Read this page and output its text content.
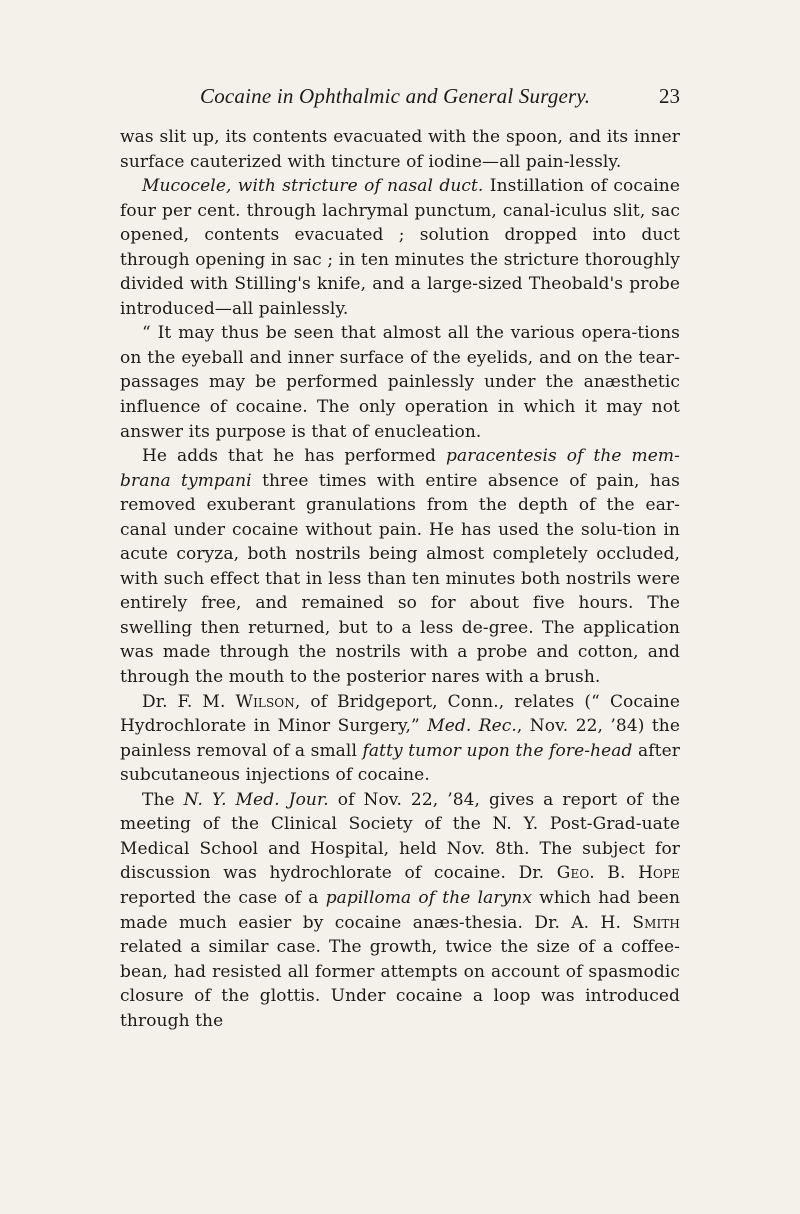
Cocaine in Ophthalmic and General Surgery.	23

was slit up, its contents evacuated with the spoon, and its inner surface cauterized with tincture of iodine—all pain-lessly.

Mucocele, with stricture of nasal duct. Instillation of cocaine four per cent. through lachrymal punctum, canal-iculus slit, sac opened, contents evacuated ; solution dropped into duct through opening in sac ; in ten minutes the stricture thoroughly divided with Stilling's knife, and a large-sized Theobald's probe introduced—all painlessly.

“ It may thus be seen that almost all the various opera-tions on the eyeball and inner surface of the eyelids, and on the tear-passages may be performed painlessly under the anæsthetic influence of cocaine. The only operation in which it may not answer its purpose is that of enucleation.

He adds that he has performed paracentesis of the mem-brana tympani three times with entire absence of pain, has removed exuberant granulations from the depth of the ear-canal under cocaine without pain. He has used the solu-tion in acute coryza, both nostrils being almost completely occluded, with such effect that in less than ten minutes both nostrils were entirely free, and remained so for about five hours. The swelling then returned, but to a less de-gree. The application was made through the nostrils with a probe and cotton, and through the mouth to the posterior nares with a brush.

Dr. F. M. Wilson, of Bridgeport, Conn., relates (“ Cocaine Hydrochlorate in Minor Surgery,” Med. Rec., Nov. 22, ’84) the painless removal of a small fatty tumor upon the fore-head after subcutaneous injections of cocaine.

The N. Y. Med. Jour. of Nov. 22, ’84, gives a report of the meeting of the Clinical Society of the N. Y. Post-Grad-uate Medical School and Hospital, held Nov. 8th. The subject for discussion was hydrochlorate of cocaine. Dr. Geo. B. Hope reported the case of a papilloma of the larynx which had been made much easier by cocaine anæs-thesia. Dr. A. H. Smith related a similar case. The growth, twice the size of a coffee-bean, had resisted all former attempts on account of spasmodic closure of the glottis. Under cocaine a loop was introduced through the
